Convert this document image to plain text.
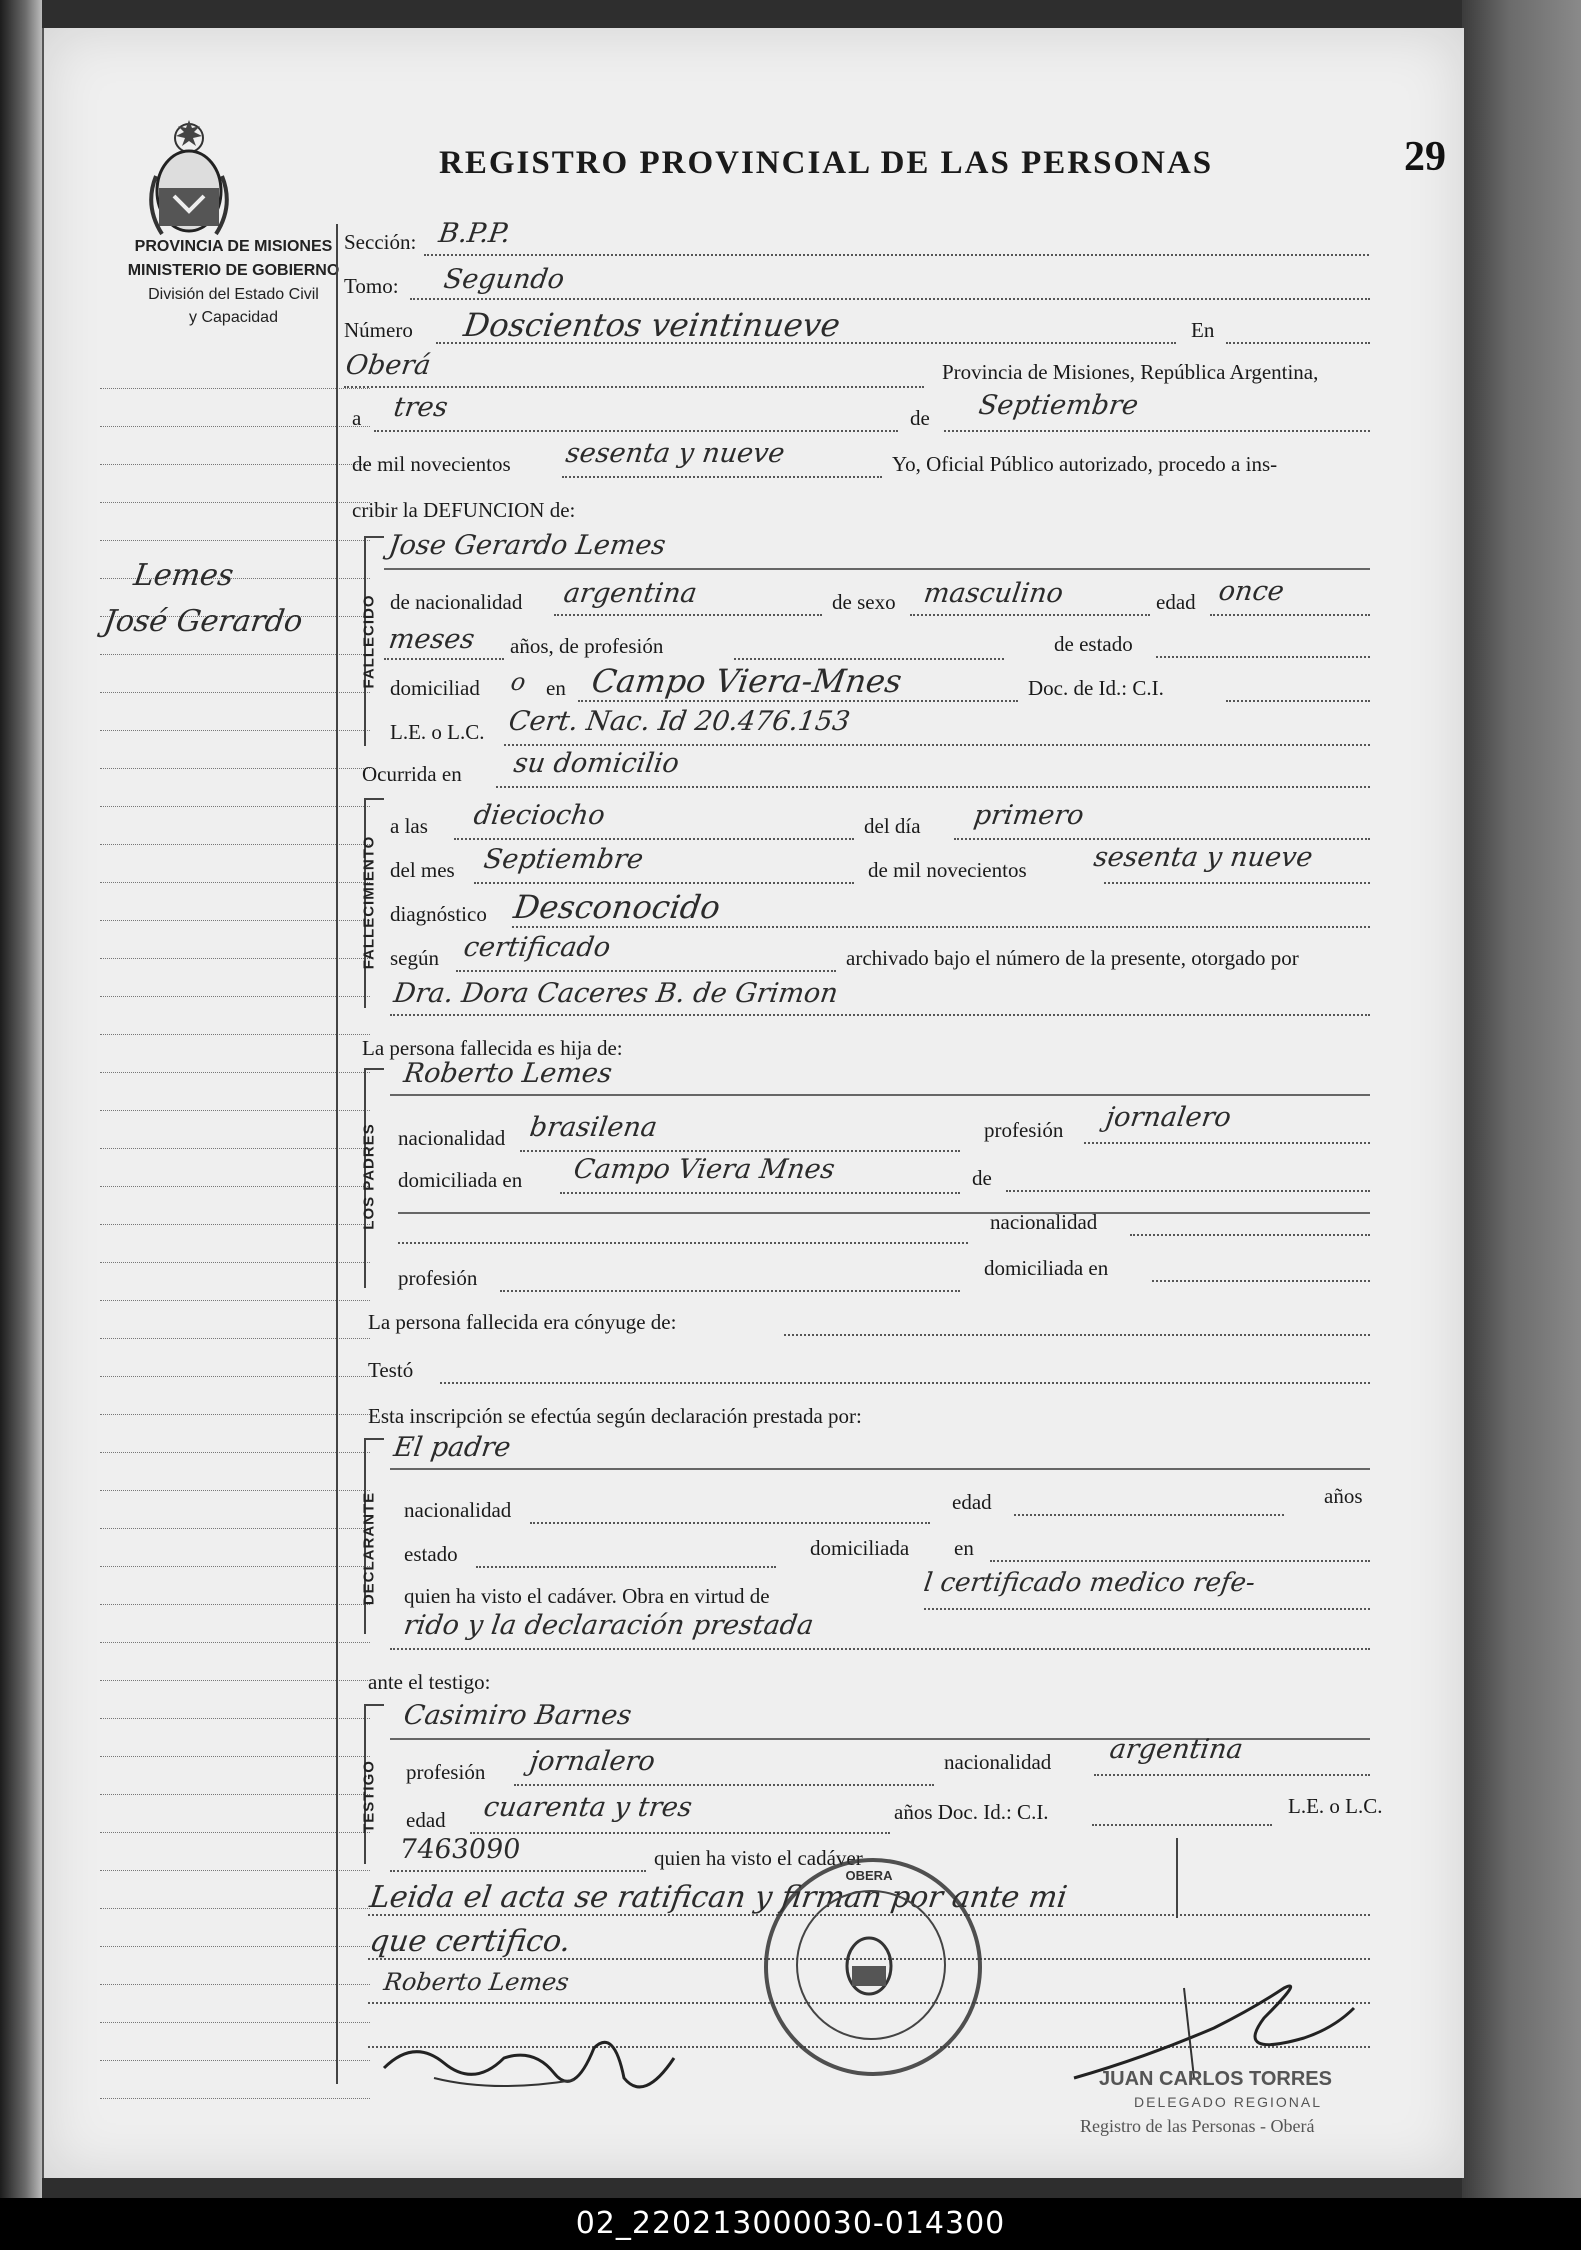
REGISTRO PROVINCIAL DE LAS PERSONAS	29
PROVINCIA DE MISIONES
MINISTERIO DE GOBIERNO
División del Estado Civil
y Capacidad
Lemes
José Gerardo
Sección: B.P.P.
Tomo: Segundo
Número Doscientos veintinueve	En
Oberá	Provincia de Misiones, República Argentina,
a tres	de Septiembre
de mil novecientos sesenta y nueve	Yo, Oficial Público autorizado, procedo a ins-
cribir la DEFUNCION de:
FALLECIDO
Jose Gerardo Lemes
de nacionalidad argentina	de sexo masculino	edad once
meses años, de profesión	de estado
domiciliad o en Campo Viera-Mnes	Doc. de Id.: C.I.
L.E. o L.C. Cert. Nac. Id 20.476.153
Ocurrida en su domicilio
FALLECIMIENTO
a las dieciocho	del día primero
del mes Septiembre	de mil novecientos sesenta y nueve
diagnóstico Desconocido
según certificado	archivado bajo el número de la presente, otorgado por
Dra. Dora Caceres B. de Grimon
La persona fallecida es hija de:
LOS PADRES
Roberto Lemes
nacionalidad brasilena	profesión jornalero
domiciliada en Campo Viera Mnes	de
nacionalidad
profesión	domiciliada en
La persona fallecida era cónyuge de:
Testó
Esta inscripción se efectúa según declaración prestada por:
DECLARANTE
El padre
nacionalidad	edad	años
estado	domiciliada en
quien ha visto el cadáver. Obra en virtud de	l certificado medico refe-
rido y la declaración prestada
ante el testigo:
TESTIGO
Casimiro Barnes
profesión jornalero	nacionalidad argentina
edad cuarenta y tres	años Doc. Id.: C.I.	L.E. o L.C.
7463090	quien ha visto el cadáver
Leida el acta se ratifican y firman por ante mi
que certifico.
Roberto Lemes
OBERA
JUAN CARLOS TORRES
DELEGADO REGIONAL
Registro de las Personas - Oberá
02_220213000030-014300
